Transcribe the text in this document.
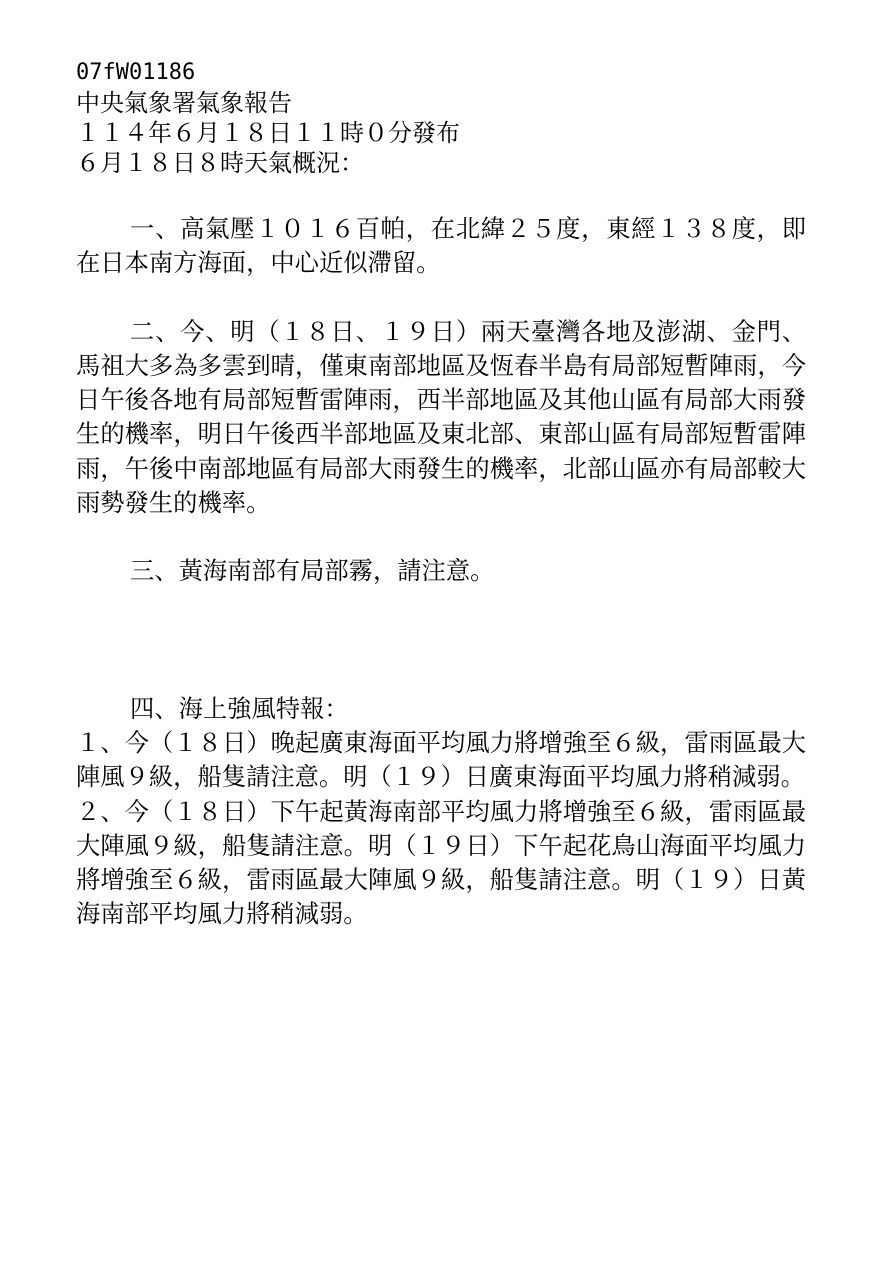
07fW01186
中央氣象署氣象報告
１１４年６月１８日１１時０分發布
６月１８日８時天氣概況：

一、高氣壓１０１６百帕，在北緯２５度，東經１３８度，即在日本南方海面，中心近似滯留。

二、今、明（１８日、１９日）兩天臺灣各地及澎湖、金門、馬祖大多為多雲到晴，僅東南部地區及恆春半島有局部短暫陣雨，今日午後各地有局部短暫雷陣雨，西半部地區及其他山區有局部大雨發生的機率，明日午後西半部地區及東北部、東部山區有局部短暫雷陣雨，午後中南部地區有局部大雨發生的機率，北部山區亦有局部較大雨勢發生的機率。

三、黃海南部有局部霧，請注意。

四、海上強風特報：

１、今（１８日）晚起廣東海面平均風力將增強至６級，雷雨區最大陣風９級，船隻請注意。明（１９）日廣東海面平均風力將稍減弱。

２、今（１８日）下午起黃海南部平均風力將增強至６級，雷雨區最大陣風９級，船隻請注意。明（１９日）下午起花鳥山海面平均風力將增強至６級，雷雨區最大陣風９級，船隻請注意。明（１９）日黃海南部平均風力將稍減弱。
